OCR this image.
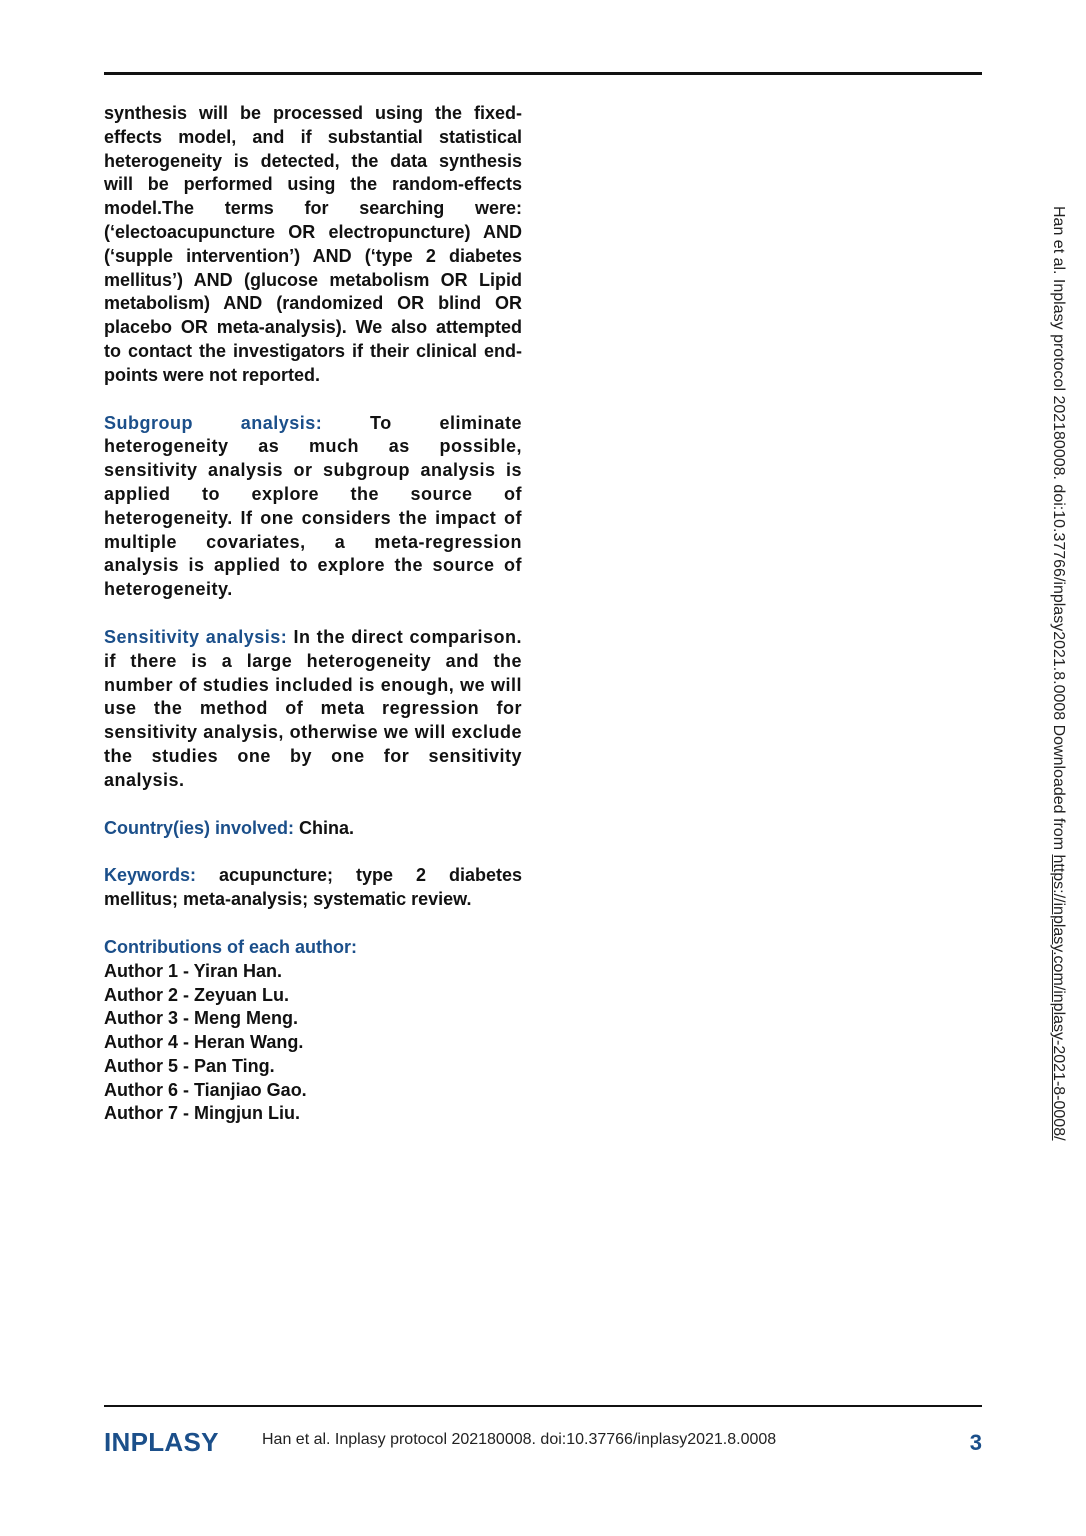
synthesis will be processed using the fixed-effects model, and if substantial statistical heterogeneity is detected, the data synthesis will be performed using the random-effects model.The terms for searching were: (‘electoacupuncture OR electropuncture) AND (‘supple intervention’) AND (‘type 2 diabetes mellitus’) AND (glucose metabolism OR Lipid metabolism) AND (randomized OR blind OR placebo OR meta-analysis). We also attempted to contact the investigators if their clinical end-points were not reported.

Subgroup analysis: To eliminate heterogeneity as much as possible, sensitivity analysis or subgroup analysis is applied to explore the source of heterogeneity. If one considers the impact of multiple covariates, a meta-regression analysis is applied to explore the source of heterogeneity.

Sensitivity analysis: In the direct comparison. if there is a large heterogeneity and the number of studies included is enough, we will use the method of meta regression for sensitivity analysis, otherwise we will exclude the studies one by one for sensitivity analysis.

Country(ies) involved: China.

Keywords: acupuncture; type 2 diabetes mellitus; meta-analysis; systematic review.

Contributions of each author:
Author 1 - Yiran Han.
Author 2 - Zeyuan Lu.
Author 3 - Meng Meng.
Author 4 - Heran Wang.
Author 5 - Pan Ting.
Author 6 - Tianjiao Gao.
Author 7 - Mingjun Liu.
Han et al. Inplasy protocol 202180008. doi:10.37766/inplasy2021.8.0008 Downloaded from https://inplasy.com/inplasy-2021-8-0008/
INPLASY	Han et al. Inplasy protocol 202180008. doi:10.37766/inplasy2021.8.0008	3
